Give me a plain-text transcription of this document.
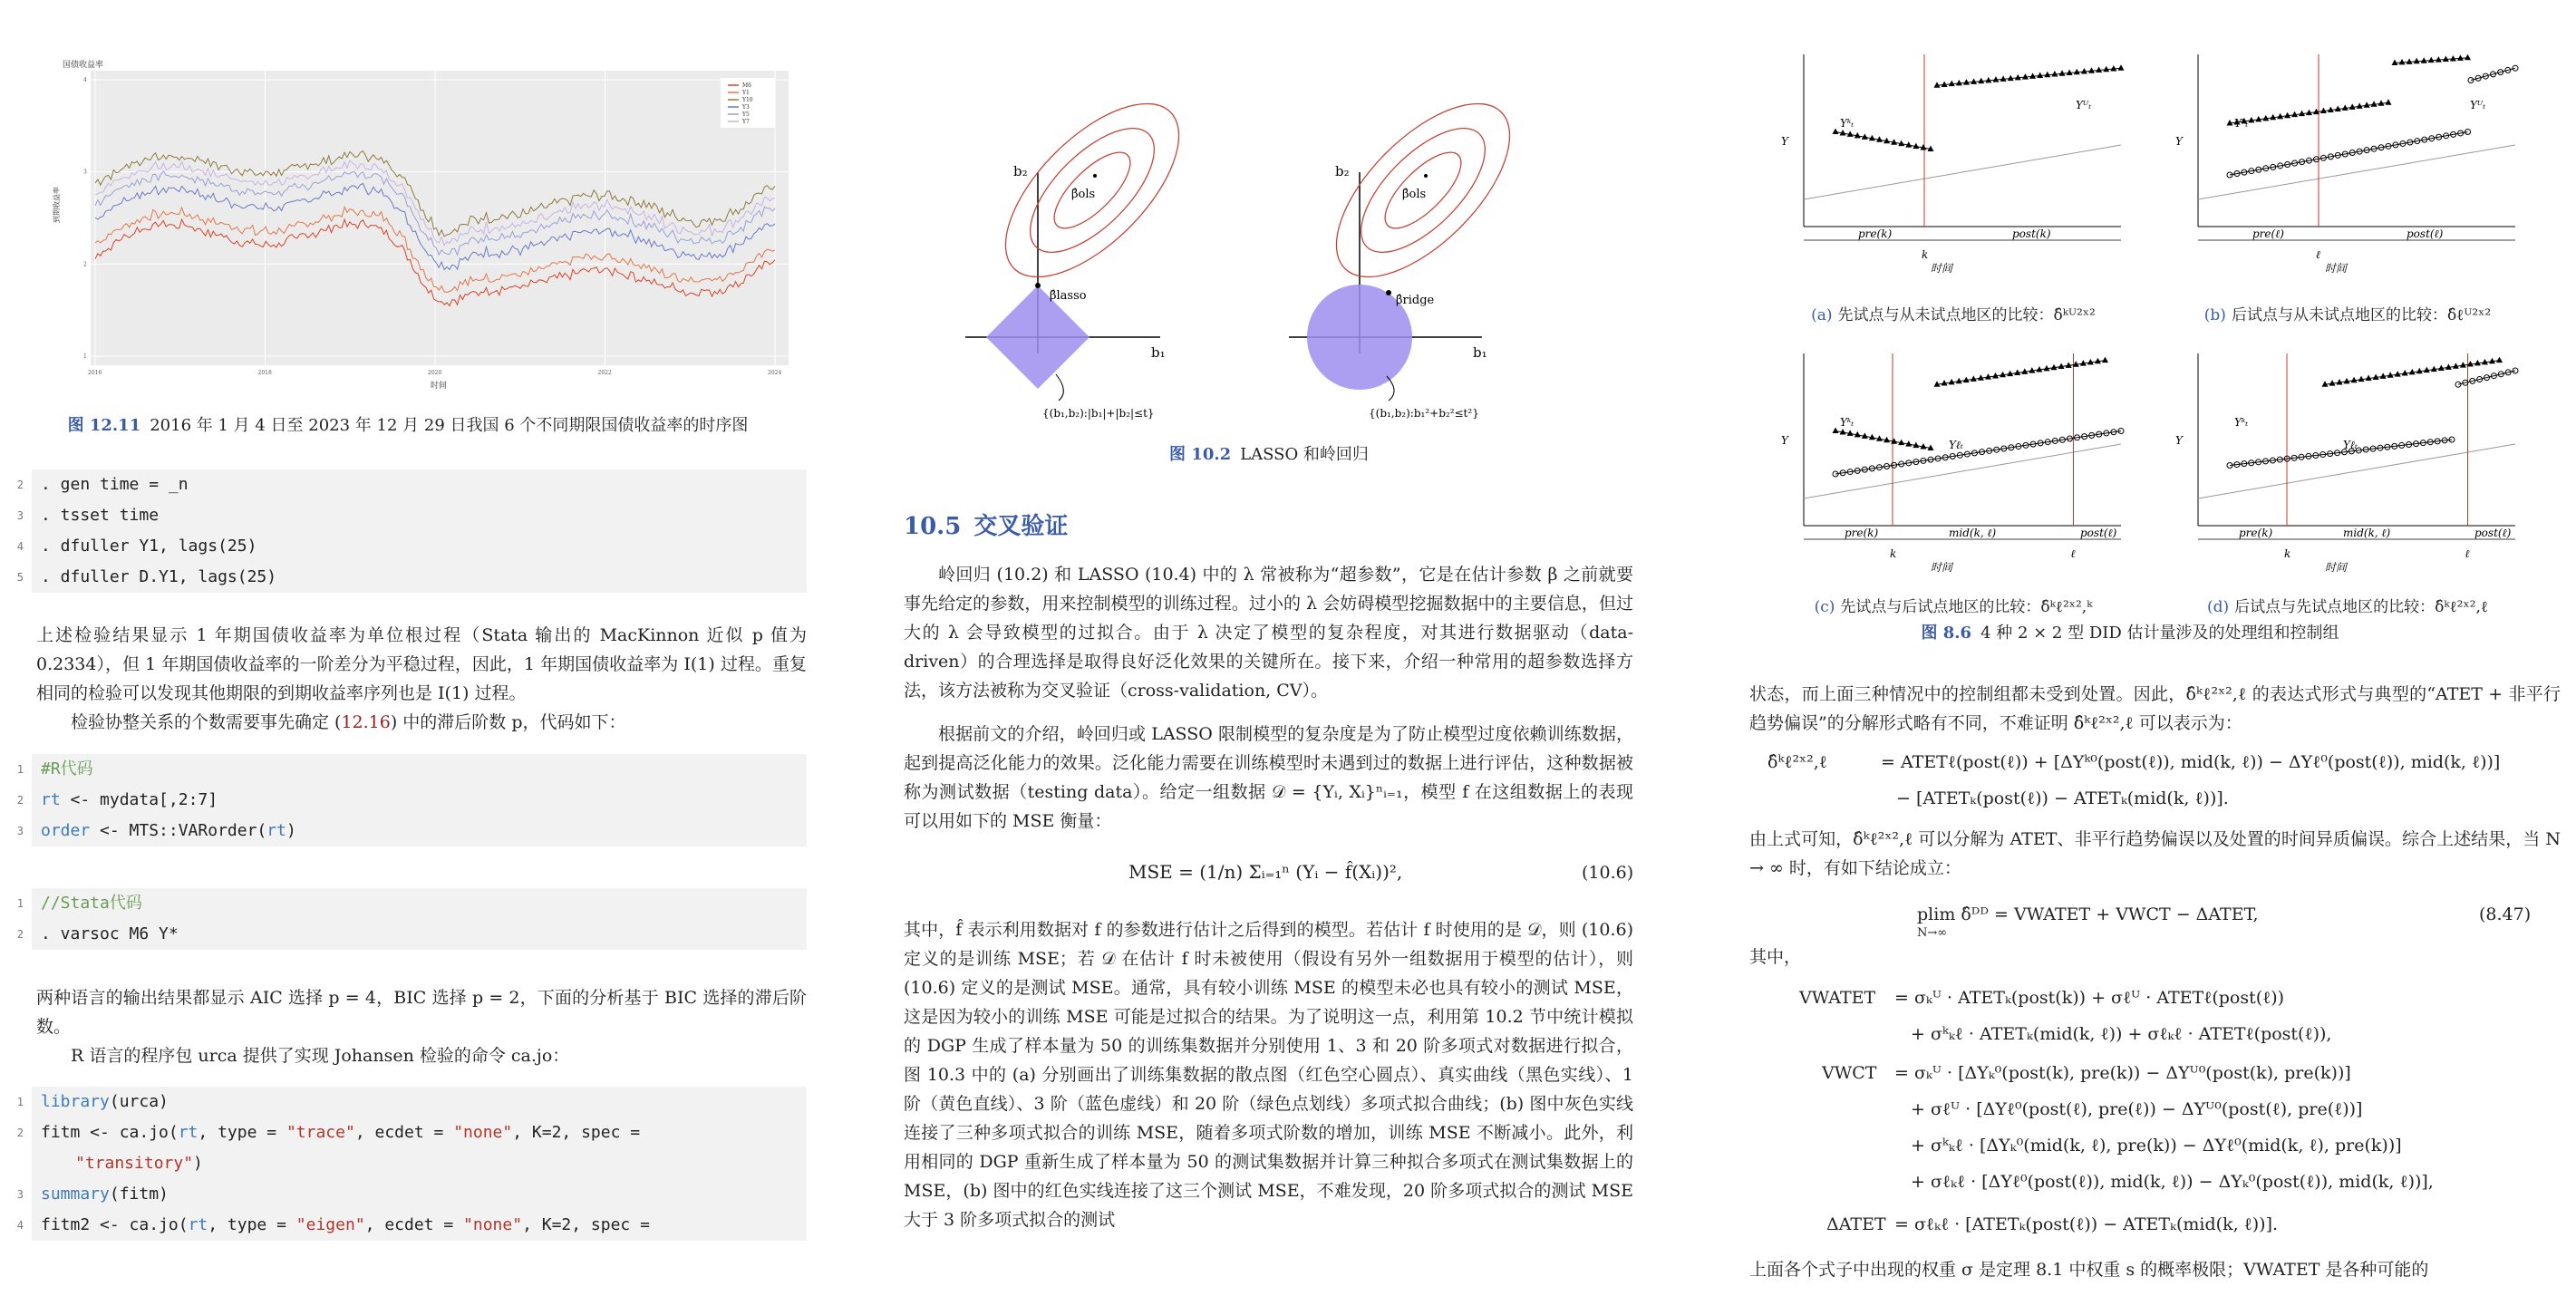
国债收益率
M6
Y1
Y10
Y3
Y5
Y7
到期收益率
时间
2016	2018	2020	2022	2024
1
2
3
4
图 12.11 2016 年 1 月 4 日至 2023 年 12 月 29 日我国 6 个不同期限国债收益率的时序图
2 . gen time = _n
3 . tsset time
4 . dfuller Y1, lags(25)
5 . dfuller D.Y1, lags(25)
上述检验结果显示 1 年期国债收益率为单位根过程（Stata 输出的 MacKinnon 近似 p 值为 0.2334），但 1 年期国债收益率的一阶差分为平稳过程，因此，1 年期国债收益率为 I(1) 过程。重复相同的检验可以发现其他期限的到期收益率序列也是 I(1) 过程。
检验协整关系的个数需要事先确定 (12.16) 中的滞后阶数 p，代码如下：
1 #R代码
2 rt <- mydata[,2:7]
3 order <- MTS::VARorder(rt)
1 //Stata代码
2 . varsoc M6 Y*
两种语言的输出结果都显示 AIC 选择 p = 4，BIC 选择 p = 2，下面的分析基于 BIC 选择的滞后阶数。
R 语言的程序包 urca 提供了实现 Johansen 检验的命令 ca.jo：
1 library(urca)
2 fitm <- ca.jo(rt, type = "trace", ecdet = "none", K=2, spec =
"transitory")
3 summary(fitm)
4 fitm2 <- ca.jo(rt, type = "eigen", ecdet = "none", K=2, spec =
b₂
b₁
β̂ols
β̂lasso
{(b₁,b₂):|b₁|+|b₂|≤t}
b₂
b₁
β̂ols
β̂ridge
{(b₁,b₂):b₁²+b₂²≤t²}
图 10.2 LASSO 和岭回归
10.5 交叉验证
岭回归 (10.2) 和 LASSO (10.4) 中的 λ 常被称为“超参数”，它是在估计参数 β 之前就要事先给定的参数，用来控制模型的训练过程。过小的 λ 会妨碍模型挖掘数据中的主要信息，但过大的 λ 会导致模型的过拟合。由于 λ 决定了模型的复杂程度，对其进行数据驱动（data-driven）的合理选择是取得良好泛化效果的关键所在。接下来，介绍一种常用的超参数选择方法，该方法被称为交叉验证（cross-validation, CV）。
根据前文的介绍，岭回归或 LASSO 限制模型的复杂度是为了防止模型过度依赖训练数据，起到提高泛化能力的效果。泛化能力需要在训练模型时未遇到过的数据上进行评估，这种数据被称为测试数据（testing data）。给定一组数据 𝒟 = {Yᵢ, Xᵢ}ⁿᵢ₌₁，模型 f 在这组数据上的表现可以用如下的 MSE 衡量：
MSE = (1/n) Σᵢ₌₁ⁿ (Yᵢ − f̂(Xᵢ))²,	(10.6)
其中，f̂ 表示利用数据对 f 的参数进行估计之后得到的模型。若估计 f 时使用的是 𝒟，则 (10.6) 定义的是训练 MSE；若 𝒟 在估计 f 时未被使用（假设有另外一组数据用于模型的估计），则 (10.6) 定义的是测试 MSE。通常，具有较小训练 MSE 的模型未必也具有较小的测试 MSE，这是因为较小的训练 MSE 可能是过拟合的结果。为了说明这一点，利用第 10.2 节中统计模拟的 DGP 生成了样本量为 50 的训练集数据并分别使用 1、3 和 20 阶多项式对数据进行拟合，图 10.3 中的 (a) 分别画出了训练集数据的散点图（红色空心圆点）、真实曲线（黑色实线）、1 阶（黄色直线）、3 阶（蓝色虚线）和 20 阶（绿色点划线）多项式拟合曲线；(b) 图中灰色实线连接了三种多项式拟合的训练 MSE，随着多项式阶数的增加，训练 MSE 不断减小。此外，利用相同的 DGP 重新生成了样本量为 50 的测试集数据并计算三种拟合多项式在测试集数据上的 MSE，(b) 图中的红色实线连接了这三个测试 MSE，不难发现，20 阶多项式拟合的测试 MSE 大于 3 阶多项式拟合的测试
Yᵏₜ
Yᵁₜ
pre(k)	post(k)
k
时间
Y
Yᵏₜ
Yᵁₜ
pre(ℓ)	post(ℓ)
ℓ
时间
Y
Yᵏₜ
Yℓₜ
pre(k)	mid(k, ℓ)	post(ℓ)
k	ℓ
时间
Y
Yᵏₜ
Yℓₜ
pre(k)	mid(k, ℓ)	post(ℓ)
k	ℓ
时间
Y
(a) 先试点与从未试点地区的比较：δ̂ᵏᵁ²ˣ²	(b) 后试点与从未试点地区的比较：δ̂ℓᵁ²ˣ²
(c) 先试点与后试点地区的比较：δ̂ᵏℓ²ˣ²,ᵏ	(d) 后试点与先试点地区的比较：δ̂ᵏℓ²ˣ²,ℓ
图 8.6 4 种 2 × 2 型 DID 估计量涉及的处理组和控制组
状态，而上面三种情况中的控制组都未受到处置。因此，δ̂ᵏℓ²ˣ²,ℓ 的表达式形式与典型的“ATET + 非平行趋势偏误”的分解形式略有不同，不难证明 δ̂ᵏℓ²ˣ²,ℓ 可以表示为：
δ̂ᵏℓ²ˣ²,ℓ	= ATETℓ(post(ℓ)) + [ΔYᵏ⁰(post(ℓ)), mid(k, ℓ)) − ΔYℓ⁰(post(ℓ)), mid(k, ℓ))]
− [ATETₖ(post(ℓ)) − ATETₖ(mid(k, ℓ))].
由上式可知，δ̂ᵏℓ²ˣ²,ℓ 可以分解为 ATET、非平行趋势偏误以及处置的时间异质偏误。综合上述结果，当 N → ∞ 时，有如下结论成立：
plim δ̂ᴰᴰ = VWATET + VWCT − ΔATET,
N→∞
(8.47)
其中，
VWATET = σₖᵁ · ATETₖ(post(k)) + σℓᵁ · ATETℓ(post(ℓ))
+ σᵏₖℓ · ATETₖ(mid(k, ℓ)) + σℓₖℓ · ATETℓ(post(ℓ)),
VWCT = σₖᵁ · [ΔYₖ⁰(post(k), pre(k)) − ΔYᵁ⁰(post(k), pre(k))]
+ σℓᵁ · [ΔYℓ⁰(post(ℓ), pre(ℓ)) − ΔYᵁ⁰(post(ℓ), pre(ℓ))]
+ σᵏₖℓ · [ΔYₖ⁰(mid(k, ℓ), pre(k)) − ΔYℓ⁰(mid(k, ℓ), pre(k))]
+ σℓₖℓ · [ΔYℓ⁰(post(ℓ)), mid(k, ℓ)) − ΔYₖ⁰(post(ℓ)), mid(k, ℓ))],
ΔATET = σℓₖℓ · [ATETₖ(post(ℓ)) − ATETₖ(mid(k, ℓ))].
上面各个式子中出现的权重 σ 是定理 8.1 中权重 s 的概率极限；VWATET 是各种可能的
